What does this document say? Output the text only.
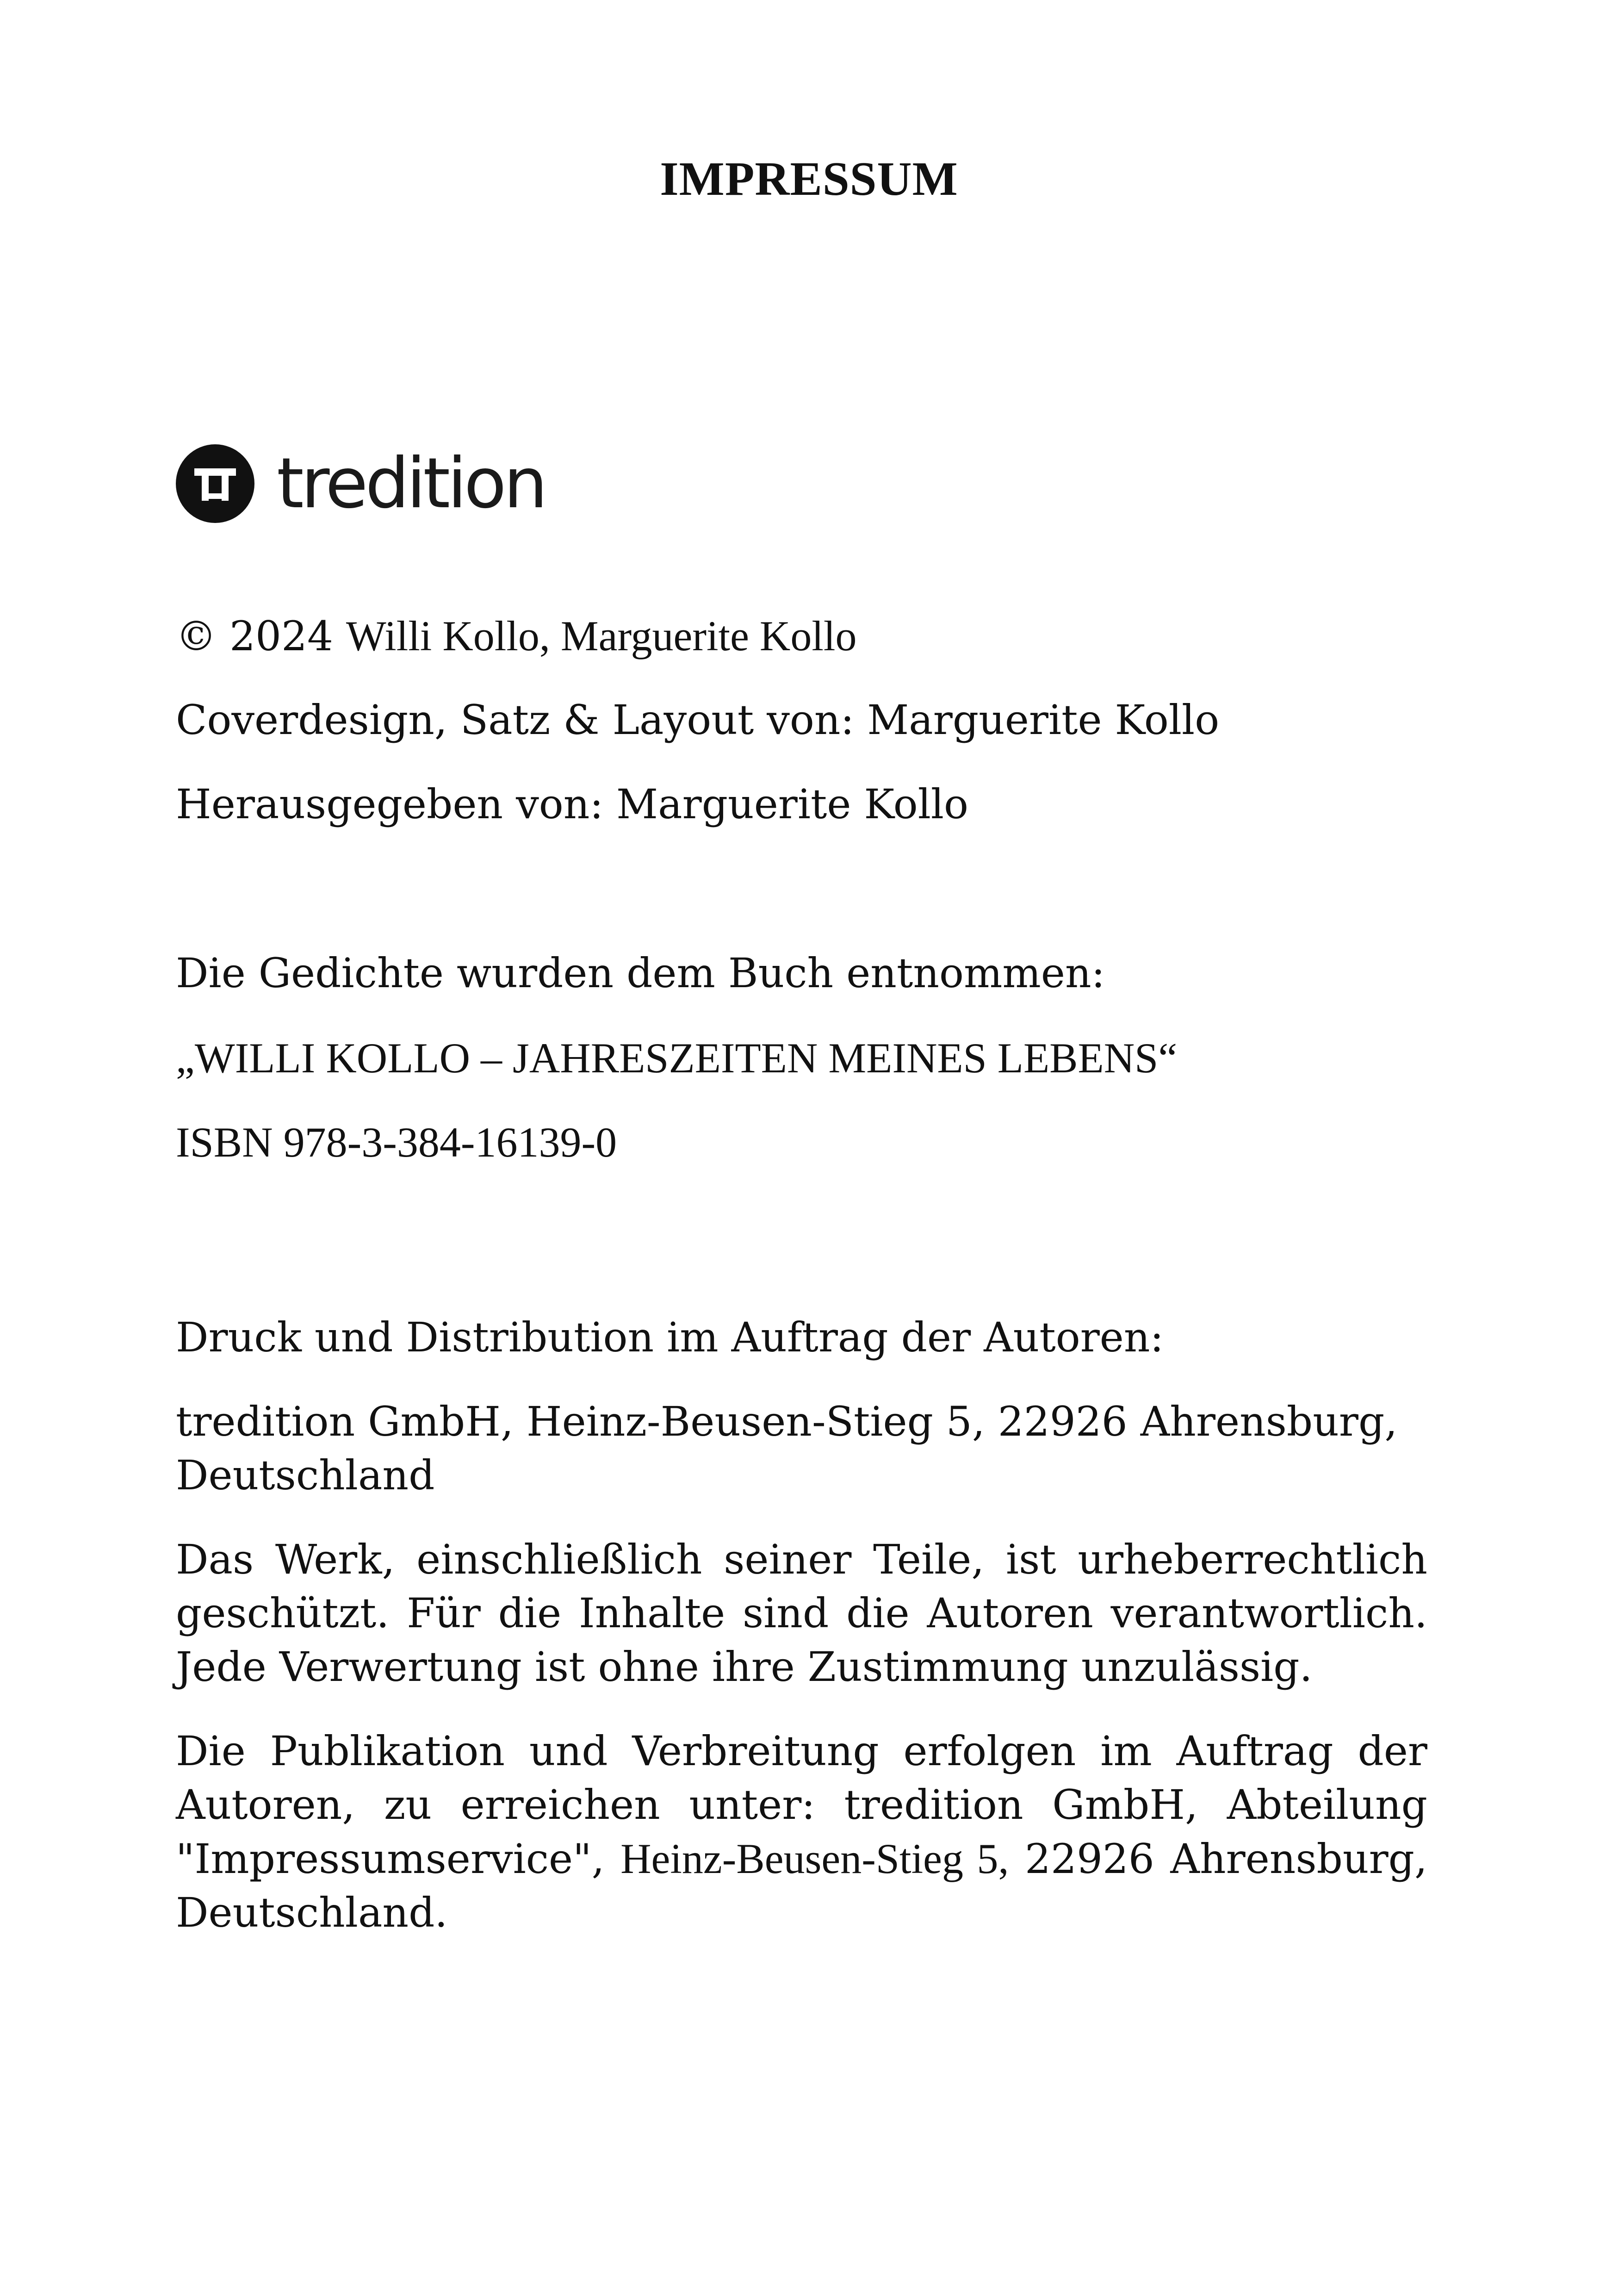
IMPRESSUM
tredition

© 2024 Willi Kollo, Marguerite Kollo

Coverdesign, Satz & Layout von: Marguerite Kollo

Herausgegeben von: Marguerite Kollo

Die Gedichte wurden dem Buch entnommen:

„WILLI KOLLO – JAHRESZEITEN MEINES LEBENS“

ISBN 978-3-384-16139-0

Druck und Distribution im Auftrag der Autoren:

tredition GmbH, Heinz-Beusen-Stieg 5, 22926 Ahrensburg, Deutschland

Das Werk, einschließlich seiner Teile, ist urheberrechtlich geschützt. Für die Inhalte sind die Autoren verantwortlich. Jede Verwertung ist ohne ihre Zustimmung unzulässig.

Die Publikation und Verbreitung erfolgen im Auftrag der Autoren, zu erreichen unter: tredition GmbH, Abteilung "Impressumservice", Heinz-Beusen-Stieg 5, 22926 Ahrensburg, Deutschland.
